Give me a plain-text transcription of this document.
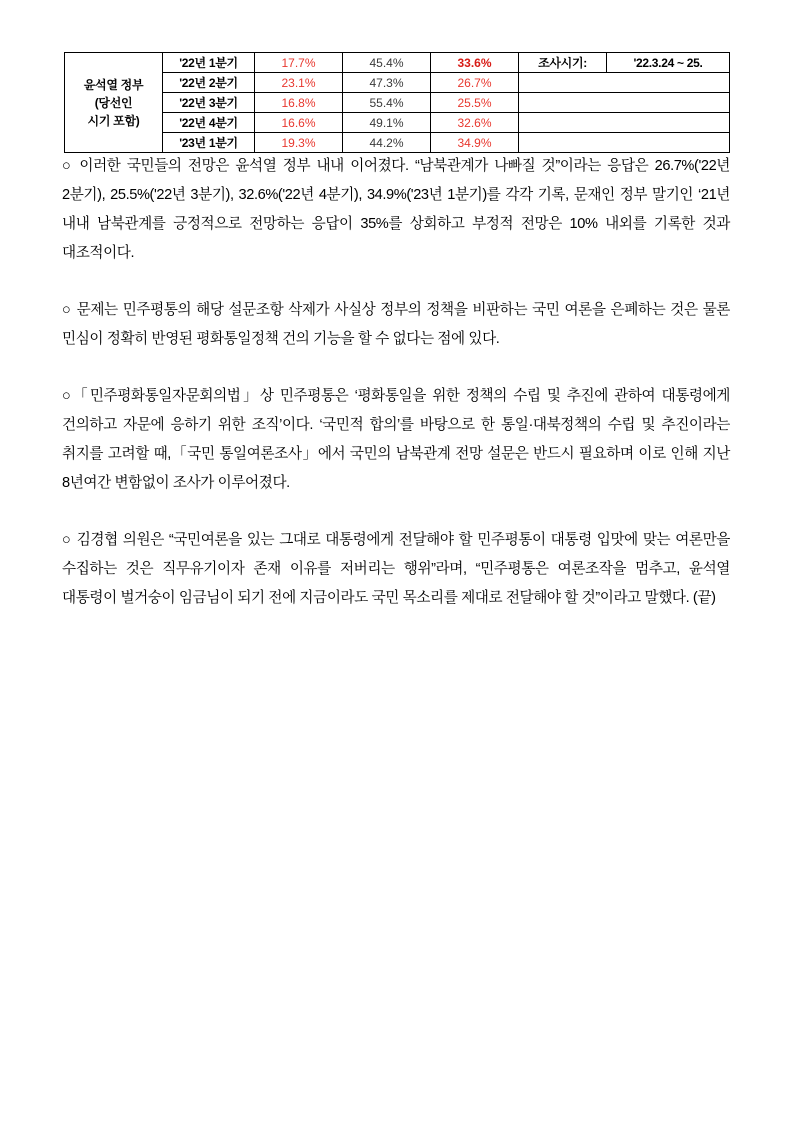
윤석열 정부
(당선인
시기 포함)	'22년 1분기	17.7%	45.4%	33.6%	조사시기:	'22.3.24 ~ 25.
	'22년 2분기	23.1%	47.3%	26.7%		
	'22년 3분기	16.8%	55.4%	25.5%		
	'22년 4분기	16.6%	49.1%	32.6%		
	'23년 1분기	19.3%	44.2%	34.9%		

○ 이러한 국민들의 전망은 윤석열 정부 내내 이어졌다. “남북관계가 나빠질 것”이라는 응답은 26.7%('22년 2분기), 25.5%('22년 3분기), 32.6%('22년 4분기), 34.9%('23년 1분기)를 각각 기록, 문재인 정부 말기인 ‘21년 내내 남북관계를 긍정적으로 전망하는 응답이 35%를 상회하고 부정적 전망은 10% 내외를 기록한 것과 대조적이다.

○ 문제는 민주평통의 해당 설문조항 삭제가 사실상 정부의 정책을 비판하는 국민 여론을 은폐하는 것은 물론 민심이 정확히 반영된 평화통일정책 건의 기능을 할 수 없다는 점에 있다.

○「민주평화통일자문회의법」상 민주평통은 ‘평화통일을 위한 정책의 수립 및 추진에 관하여 대통령에게 건의하고 자문에 응하기 위한 조직’이다. ‘국민적 합의’를 바탕으로 한 통일·대북정책의 수립 및 추진이라는 취지를 고려할 때,「국민 통일여론조사」에서 국민의 남북관계 전망 설문은 반드시 필요하며 이로 인해 지난 8년여간 변함없이 조사가 이루어졌다.

○ 김경협 의원은 “국민여론을 있는 그대로 대통령에게 전달해야 할 민주평통이 대통령 입맛에 맞는 여론만을 수집하는 것은 직무유기이자 존재 이유를 저버리는 행위”라며, “민주평통은 여론조작을 멈추고, 윤석열 대통령이 벌거숭이 임금님이 되기 전에 지금이라도 국민 목소리를 제대로 전달해야 할 것”이라고 말했다. (끝)
